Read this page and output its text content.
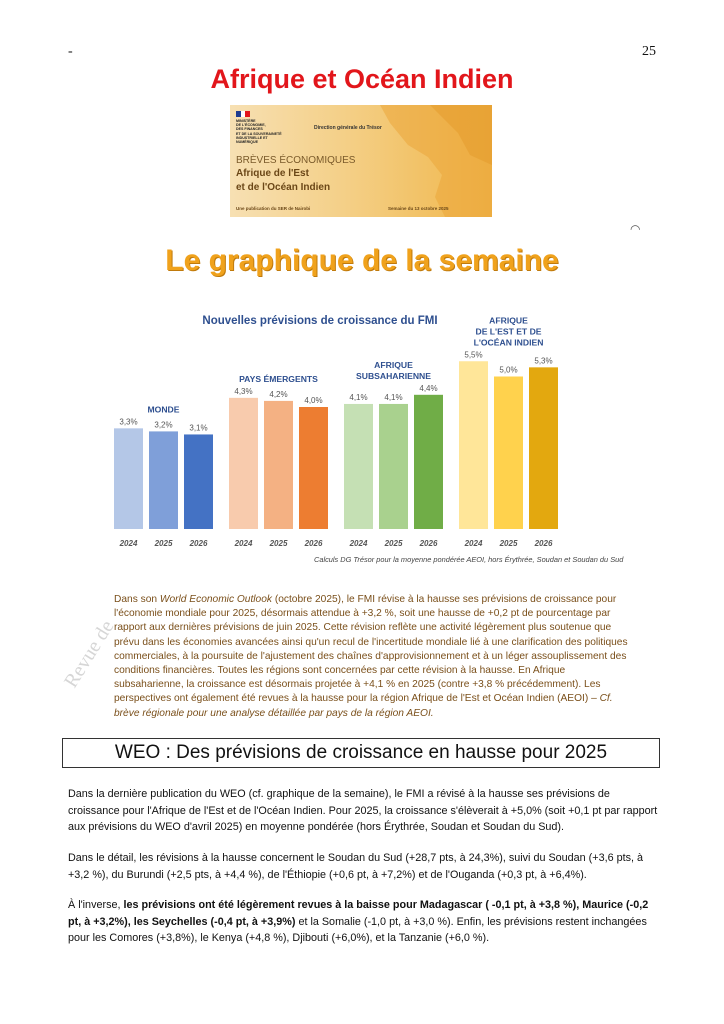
-	25
Afrique et Océan Indien
MINISTÈRE
DE L'ÉCONOMIE,
DES FINANCES
ET DE LA SOUVERAINETÉ
INDUSTRIELLE ET NUMÉRIQUE
Direction générale du Trésor
BRÈVES ÉCONOMIQUES
Afrique de l'Est
et de l'Océan Indien
Une publication du SER de Nairobi	Semaine du 13 octobre 2025
◠
Le graphique de la semaine
Nouvelles prévisions de croissance du FMI
3,3%
2024
3,2%
2025
3,1%
2026
MONDE
4,3%
2024
4,2%
2025
4,0%
2026
PAYS ÉMERGENTS
4,1%
2024
4,1%
2025
4,4%
2026
AFRIQUE
SUBSAHARIENNE
5,5%
2024
5,0%
2025
5,3%
2026
AFRIQUE
DE L'EST ET DE
L'OCÉAN INDIEN
Calculs DG Trésor pour la moyenne pondérée AEOI, hors Érythrée, Soudan et Soudan du Sud
Dans son World Economic Outlook (octobre 2025), le FMI révise à la hausse ses prévisions de croissance pour l'économie mondiale pour 2025, désormais attendue à +3,2 %, soit une hausse de +0,2 pt de pourcentage par rapport aux dernières prévisions de juin 2025. Cette révision reflète une activité légèrement plus soutenue que prévu dans les économies avancées ainsi qu'un recul de l'incertitude mondiale lié à une clarification des politiques commerciales, à la poursuite de l'ajustement des chaînes d'approvisionnement et à un léger assouplissement des conditions financières. Toutes les régions sont concernées par cette révision à la hausse. En Afrique subsaharienne, la croissance est désormais projetée à +4,1 % en 2025 (contre +3,8 % précédemment). Les perspectives ont également été revues à la hausse pour la région Afrique de l'Est et Océan Indien (AEOI) – Cf. brève régionale pour une analyse détaillée par pays de la région AEOI.
Revue de
WEO : Des prévisions de croissance en hausse pour 2025
Dans la dernière publication du WEO (cf. graphique de la semaine), le FMI a révisé à la hausse ses prévisions de croissance pour l'Afrique de l'Est et de l'Océan Indien. Pour 2025, la croissance s'élèverait à +5,0% (soit +0,1 pt par rapport aux prévisions du WEO d'avril 2025) en moyenne pondérée (hors Érythrée, Soudan et Soudan du Sud).
Dans le détail, les révisions à la hausse concernent le Soudan du Sud (+28,7 pts, à 24,3%), suivi du Soudan (+3,6 pts, à +3,2 %), du Burundi (+2,5 pts, à +4,4 %), de l'Éthiopie (+0,6 pt, à +7,2%) et de l'Ouganda (+0,3 pt, à +6,4%).
À l'inverse, les prévisions ont été légèrement revues à la baisse pour Madagascar ( -0,1 pt, à +3,8 %), Maurice (-0,2 pt, à +3,2%), les Seychelles (-0,4 pt, à +3,9%) et la Somalie (-1,0 pt, à +3,0 %). Enfin, les prévisions restent inchangées pour les Comores (+3,8%), le Kenya (+4,8 %), Djibouti (+6,0%), et la Tanzanie (+6,0 %).
